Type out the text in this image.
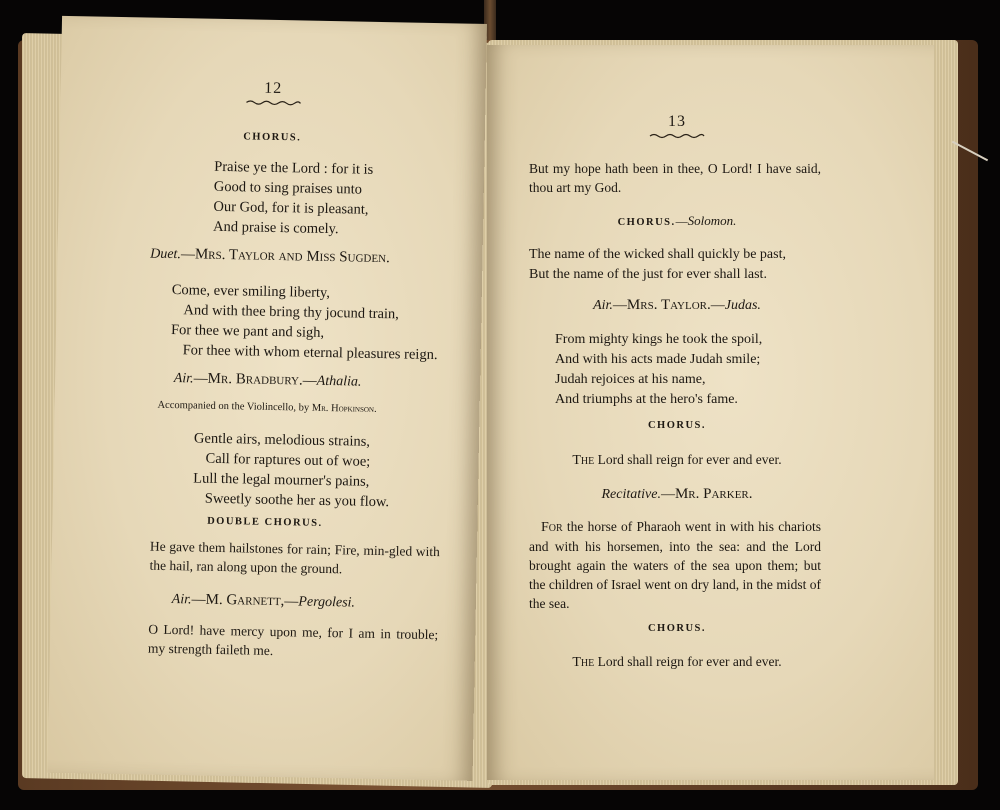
12

CHORUS.

Praise ye the Lord : for it is
Good to sing praises unto
Our God, for it is pleasant,
And praise is comely.

Duet.—Mrs. Taylor and Miss Sugden.

Come, ever smiling liberty,
And with thee bring thy jocund train,
For thee we pant and sigh,
For thee with whom eternal pleasures reign.

Air.—Mr. Bradbury.—Athalia.

Accompanied on the Violincello, by Mr. Hopkinson.

Gentle airs, melodious strains,
Call for raptures out of woe;
Lull the legal mourner's pains,
Sweetly soothe her as you flow.

DOUBLE CHORUS.

He gave them hailstones for rain; Fire, min-gled with the hail, ran along upon the ground.

Air.—M. Garnett,—Pergolesi.

O Lord! have mercy upon me, for I am in trouble; my strength faileth me.

13

But my hope hath been in thee, O Lord! I have said, thou art my God.

CHORUS.—Solomon.

The name of the wicked shall quickly be past,
But the name of the just for ever shall last.

Air.—Mrs. Taylor.—Judas.

From mighty kings he took the spoil,
And with his acts made Judah smile;
Judah rejoices at his name,
And triumphs at the hero's fame.

CHORUS.

The Lord shall reign for ever and ever.

Recitative.—Mr. Parker.

For the horse of Pharaoh went in with his chariots and with his horsemen, into the sea: and the Lord brought again the waters of the sea upon them; but the children of Israel went on dry land, in the midst of the sea.

CHORUS.

The Lord shall reign for ever and ever.
